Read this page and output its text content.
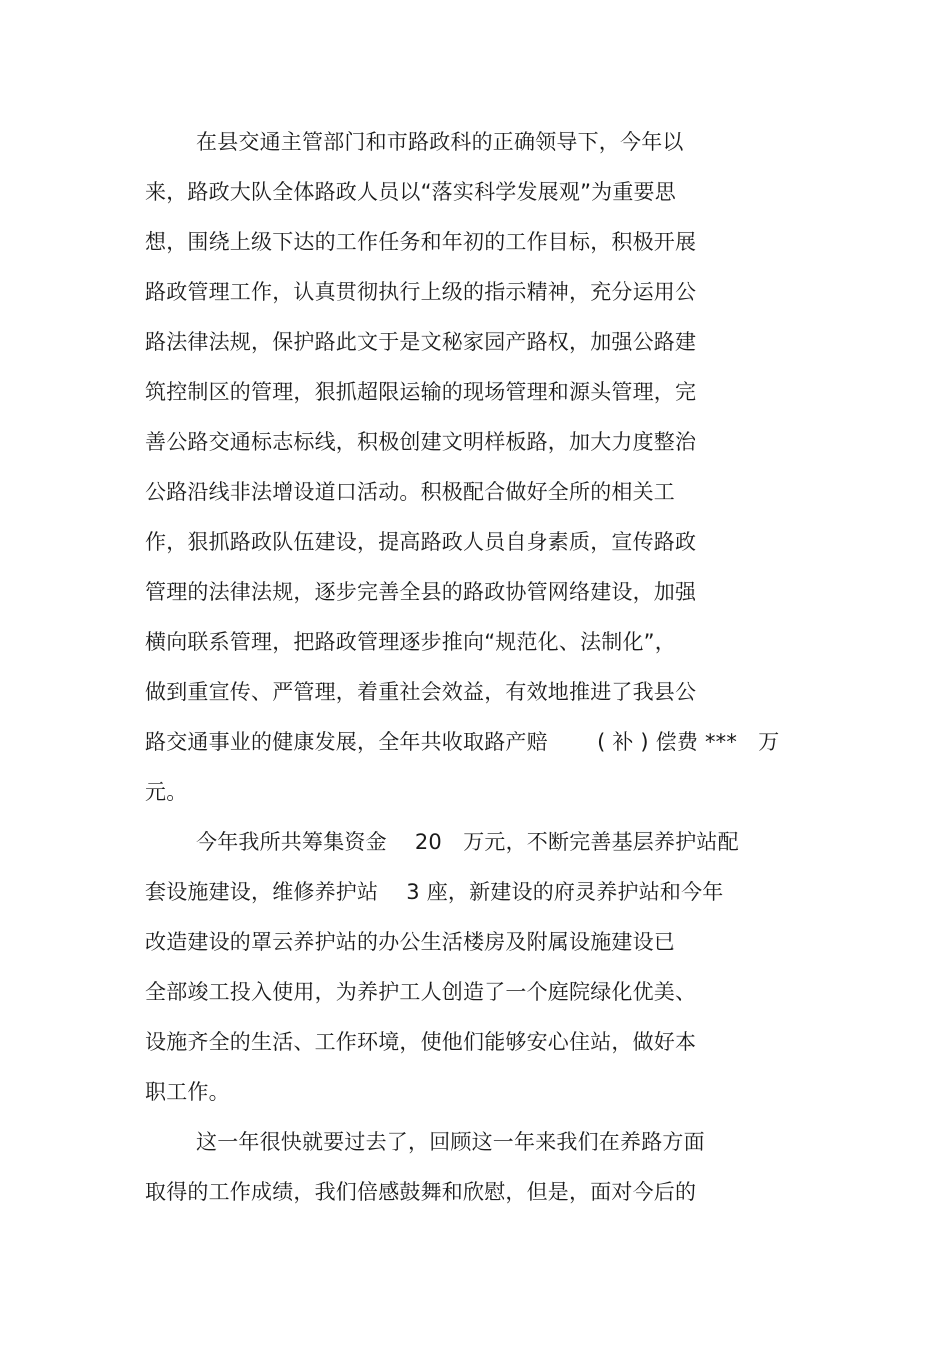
在县交通主管部门和市路政科的正确领导下，今年以
来，路政大队全体路政人员以“落实科学发展观”为重要思
想，围绕上级下达的工作任务和年初的工作目标，积极开展
路政管理工作，认真贯彻执行上级的指示精神，充分运用公
路法律法规，保护路此文于是文秘家园产路权，加强公路建
筑控制区的管理，狠抓超限运输的现场管理和源头管理，完
善公路交通标志标线，积极创建文明样板路，加大力度整治
公路沿线非法增设道口活动。积极配合做好全所的相关工
作，狠抓路政队伍建设，提高路政人员自身素质，宣传路政
管理的法律法规，逐步完善全县的路政协管网络建设，加强
横向联系管理，把路政管理逐步推向“规范化、法制化”，
做到重宣传、严管理，着重社会效益，有效地推进了我县公
路交通事业的健康发展，全年共收取路产赔　　 ( 补 ) 偿费 ***　万
元。
今年我所共筹集资金　 20　万元，不断完善基层养护站配
套设施建设，维修养护站　 3 座，新建设的府灵养护站和今年
改造建设的罩云养护站的办公生活楼房及附属设施建设已
全部竣工投入使用，为养护工人创造了一个庭院绿化优美、
设施齐全的生活、工作环境，使他们能够安心住站，做好本
职工作。
这一年很快就要过去了，回顾这一年来我们在养路方面
取得的工作成绩，我们倍感鼓舞和欣慰，但是，面对今后的
